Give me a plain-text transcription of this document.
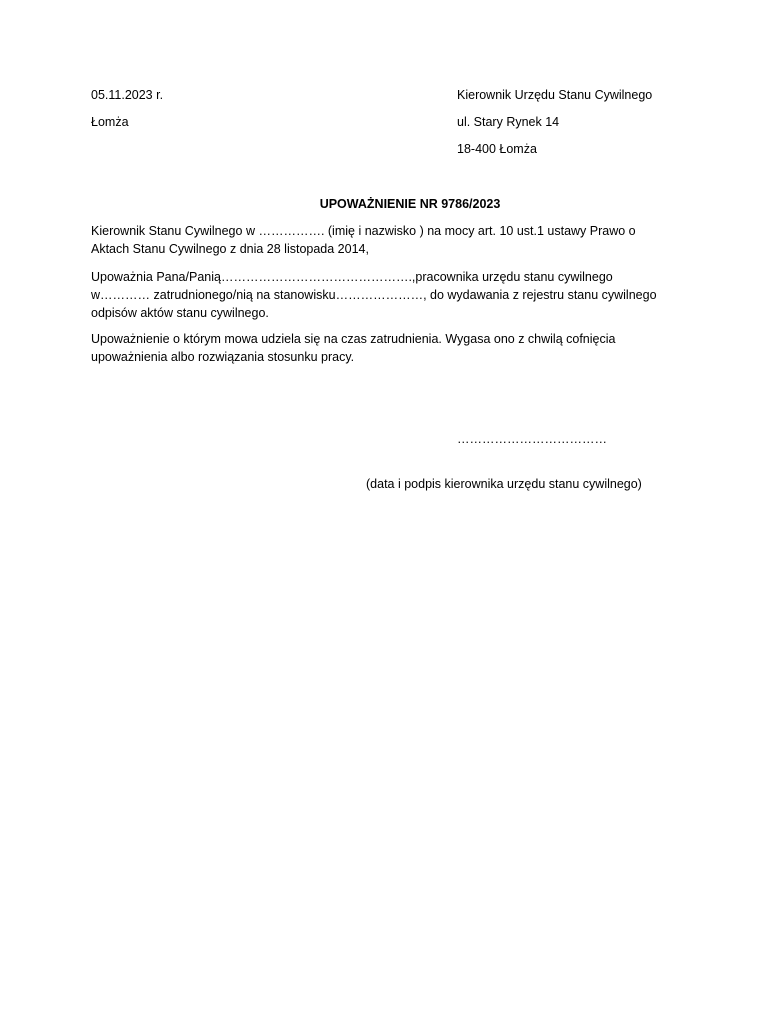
05.11.2023 r.
Łomża
Kierownik Urzędu Stanu Cywilnego
ul. Stary Rynek 14
18-400 Łomża
UPOWAŻNIENIE NR 9786/2023
Kierownik Stanu Cywilnego w ……………. (imię i nazwisko ) na mocy art. 10 ust.1 ustawy Prawo o Aktach Stanu Cywilnego z dnia 28 listopada 2014,
Upoważnia Pana/Panią……………………………………….,pracownika urzędu stanu cywilnego w………… zatrudnionego/nią na stanowisku…………………, do wydawania z rejestru stanu cywilnego odpisów aktów stanu cywilnego.
Upoważnienie o którym mowa udziela się na czas zatrudnienia. Wygasa ono z chwilą cofnięcia upoważnienia albo rozwiązania stosunku pracy.
………………………………
(data i podpis kierownika urzędu stanu cywilnego)
